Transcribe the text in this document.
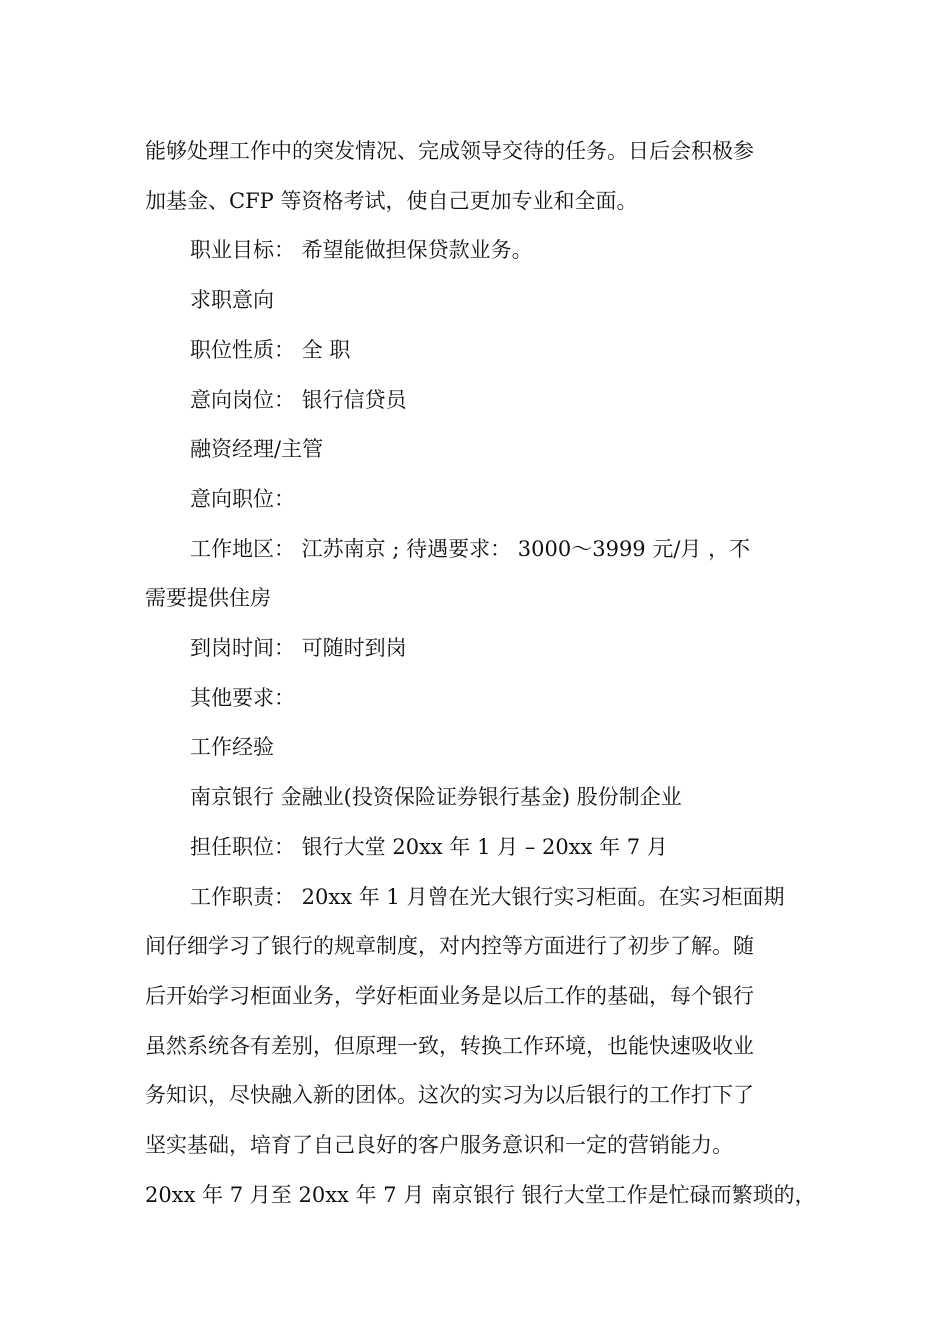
能够处理工作中的突发情况、完成领导交待的任务。日后会积极参

加基金、CFP 等资格考试，使自己更加专业和全面。

职业目标： 希望能做担保贷款业务。

求职意向

职位性质： 全 职

意向岗位： 银行信贷员

融资经理/主管

意向职位：

工作地区： 江苏南京 ; 待遇要求： 3000～3999 元/月 ，不

需要提供住房

到岗时间： 可随时到岗

其他要求：

工作经验

南京银行 金融业(投资保险证券银行基金) 股份制企业

担任职位： 银行大堂 20xx 年 1 月 – 20xx 年 7 月

工作职责： 20xx 年 1 月曾在光大银行实习柜面。在实习柜面期

间仔细学习了银行的规章制度，对内控等方面进行了初步了解。随

后开始学习柜面业务，学好柜面业务是以后工作的基础，每个银行

虽然系统各有差别，但原理一致，转换工作环境，也能快速吸收业

务知识，尽快融入新的团体。这次的实习为以后银行的工作打下了

坚实基础，培育了自己良好的客户服务意识和一定的营销能力。

20xx 年 7 月至 20xx 年 7 月 南京银行 银行大堂工作是忙碌而繁琐的，
